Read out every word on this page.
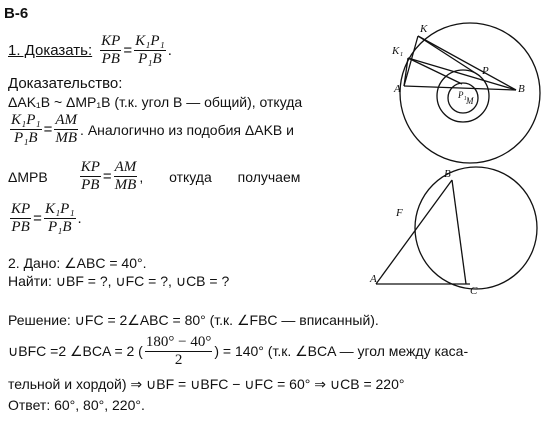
В-6
1. Доказать: $\frac{KP}{PB} = \frac{\text{K₁P₁}}{\text{P₁B}}$ .
Доказательство:
ΔAK₁B ~ ΔMP₁B (т.к. угол B — общий), откуда
$\frac{\text{K₁P₁}}{\text{P₁B}} = \frac{AM}{MB}$ . Аналогично из подобия ΔAKB и
ΔMPB $\frac{KP}{PB} = \frac{AM}{MB}$ , откуда получаем
$\frac{KP}{PB} = \frac{\text{K₁P₁}}{\text{P₁B}}$ .
2. Дано: ∠ABC = 40°.
Найти: ∪BF = ?, ∪FC = ?, ∪CB = ?
Решение: ∪FC = 2∠ABC = 80° (т.к. ∠FBC — вписанный).
∪BFC =2 ∠BCA = 2 ( $\frac{180^\circ - 40^\circ}{2}$ ) = 140° (т.к. ∠BCA — угол между каса-
тельной и хордой) ⇒ ∪BF = ∪BFC − ∪FC = 60° ⇒ ∪CB = 220°
Ответ: 60°, 80°, 220°.
K
K₁
A	B
P
P₁
M
B
F
A
C
